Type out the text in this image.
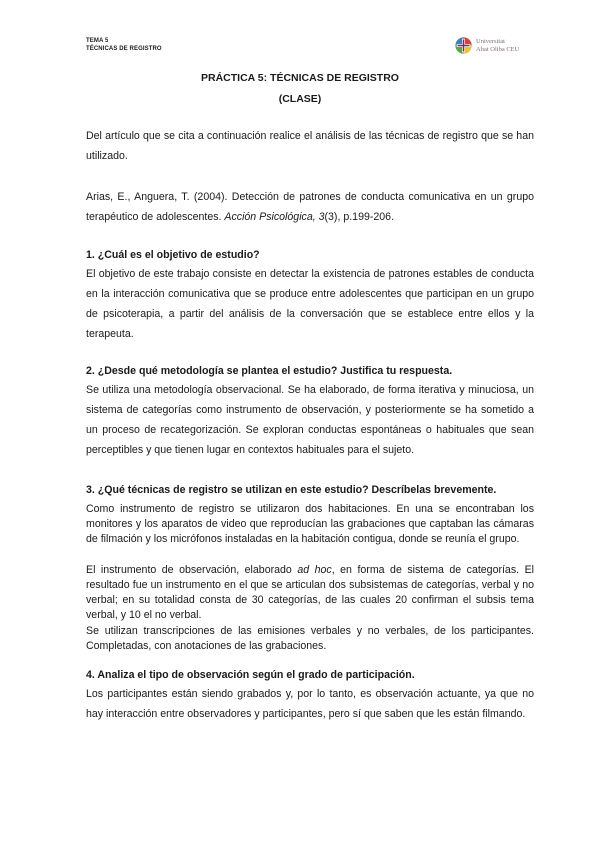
TEMA 5
TÉCNICAS DE REGISTRO
Universitat
Abat Oliba CEU
PRÁCTICA 5: TÉCNICAS DE REGISTRO
(CLASE)
Del artículo que se cita a continuación realice el análisis de las técnicas de registro que se han utilizado.
Arias, E., Anguera, T. (2004). Detección de patrones de conducta comunicativa en un grupo terapéutico de adolescentes. Acción Psicológica, 3(3), p.199-206.
1. ¿Cuál es el objetivo de estudio?
El objetivo de este trabajo consiste en detectar la existencia de patrones estables de conducta en la interacción comunicativa que se produce entre adolescentes que participan en un grupo de psicoterapia, a partir del análisis de la conversación que se establece entre ellos y la terapeuta.
2. ¿Desde qué metodología se plantea el estudio? Justifica tu respuesta.
Se utiliza una metodología observacional. Se ha elaborado, de forma iterativa y minuciosa, un sistema de categorías como instrumento de observación, y posteriormente se ha sometido a un proceso de recategorización. Se exploran conductas espontáneas o habituales que sean perceptibles y que tienen lugar en contextos habituales para el sujeto.
3. ¿Qué técnicas de registro se utilizan en este estudio? Descríbelas brevemente.
Como instrumento de registro se utilizaron dos habitaciones. En una se encontraban los monitores y los aparatos de video que reproducían las grabaciones que captaban las cámaras de filmación y los micrófonos instaladas en la habitación contigua, donde se reunía el grupo.
El instrumento de observación, elaborado ad hoc, en forma de sistema de categorías. El resultado fue un instrumento en el que se articulan dos subsistemas de categorías, verbal y no verbal; en su totalidad consta de 30 categorías, de las cuales 20 confirman el subsis tema verbal, y 10 el no verbal.
Se utilizan transcripciones de las emisiones verbales y no verbales, de los participantes. Completadas, con anotaciones de las grabaciones.
4. Analiza el tipo de observación según el grado de participación.
Los participantes están siendo grabados y, por lo tanto, es observación actuante, ya que no hay interacción entre observadores y participantes, pero sí que saben que les están filmando.
